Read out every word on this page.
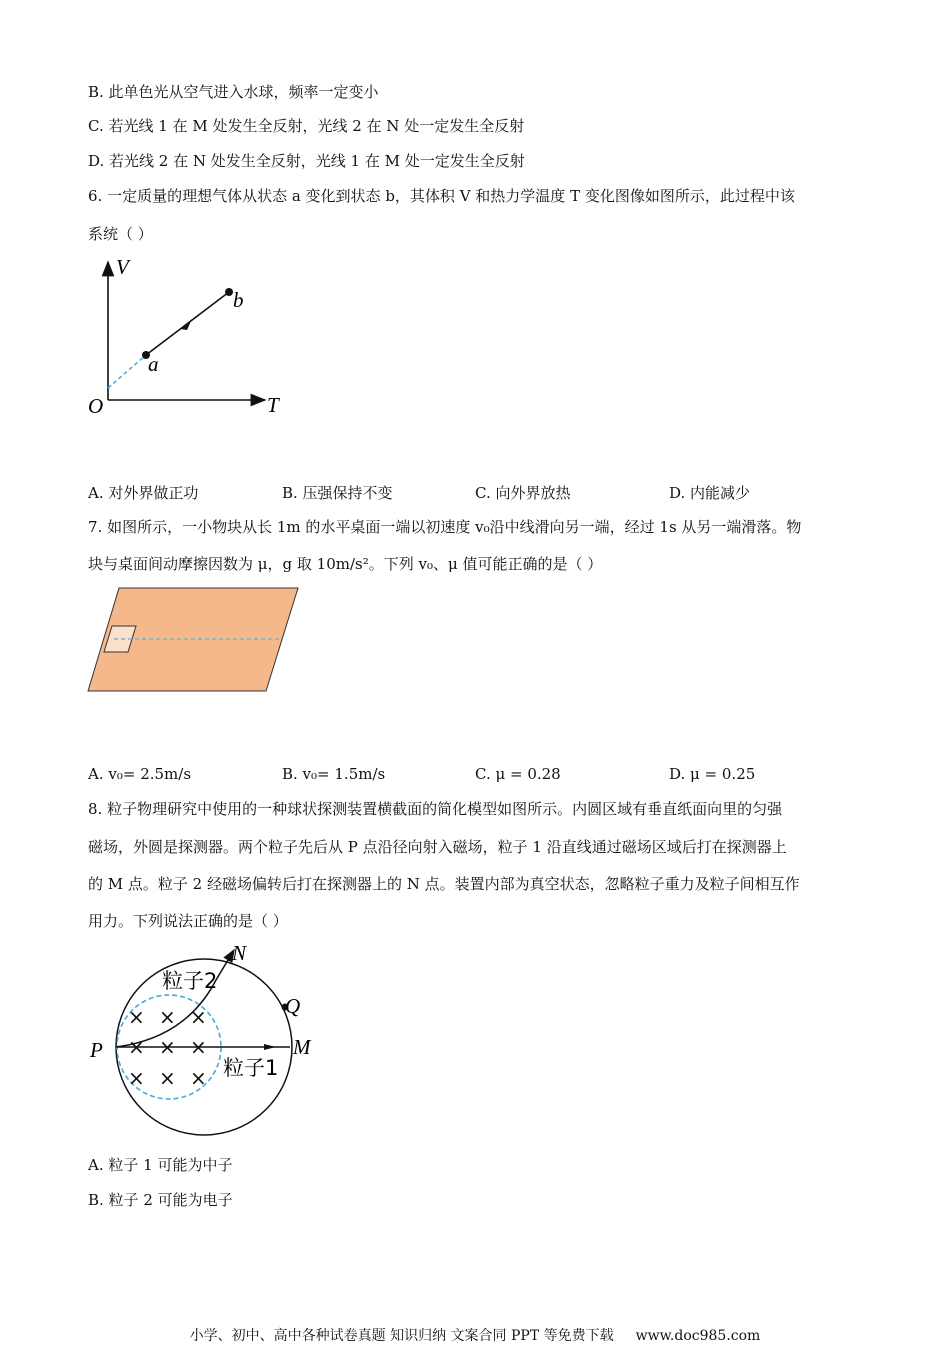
B. 此单色光从空气进入水球，频率一定变小
C. 若光线 1 在 M 处发生全反射，光线 2 在 N 处一定发生全反射
D. 若光线 2 在 N 处发生全反射，光线 1 在 M 处一定发生全反射
6. 一定质量的理想气体从状态 a 变化到状态 b，其体积 V 和热力学温度 T 变化图像如图所示，此过程中该
系统（ ）
V
T
O
a
b
A. 对外界做正功	B. 压强保持不变	C. 向外界放热	D. 内能减少
7. 如图所示，一小物块从长 1m 的水平桌面一端以初速度 v₀沿中线滑向另一端，经过 1s 从另一端滑落。物
块与桌面间动摩擦因数为 μ，g 取 10m/s²。下列 v₀、μ 值可能正确的是（ ）
A. v₀= 2.5m/s	B. v₀= 1.5m/s	C. μ = 0.28	D. μ = 0.25
8. 粒子物理研究中使用的一种球状探测装置横截面的简化模型如图所示。内圆区域有垂直纸面向里的匀强
磁场，外圆是探测器。两个粒子先后从 P 点沿径向射入磁场，粒子 1 沿直线通过磁场区域后打在探测器上
的 M 点。粒子 2 经磁场偏转后打在探测器上的 N 点。装置内部为真空状态，忽略粒子重力及粒子间相互作
用力。下列说法正确的是（ ）
× × ×
× × ×
× × ×
粒子2
粒子1
P	M
N
Q
A. 粒子 1 可能为中子
B. 粒子 2 可能为电子
小学、初中、高中各种试卷真题 知识归纳 文案合同 PPT 等免费下载 www.doc985.com
